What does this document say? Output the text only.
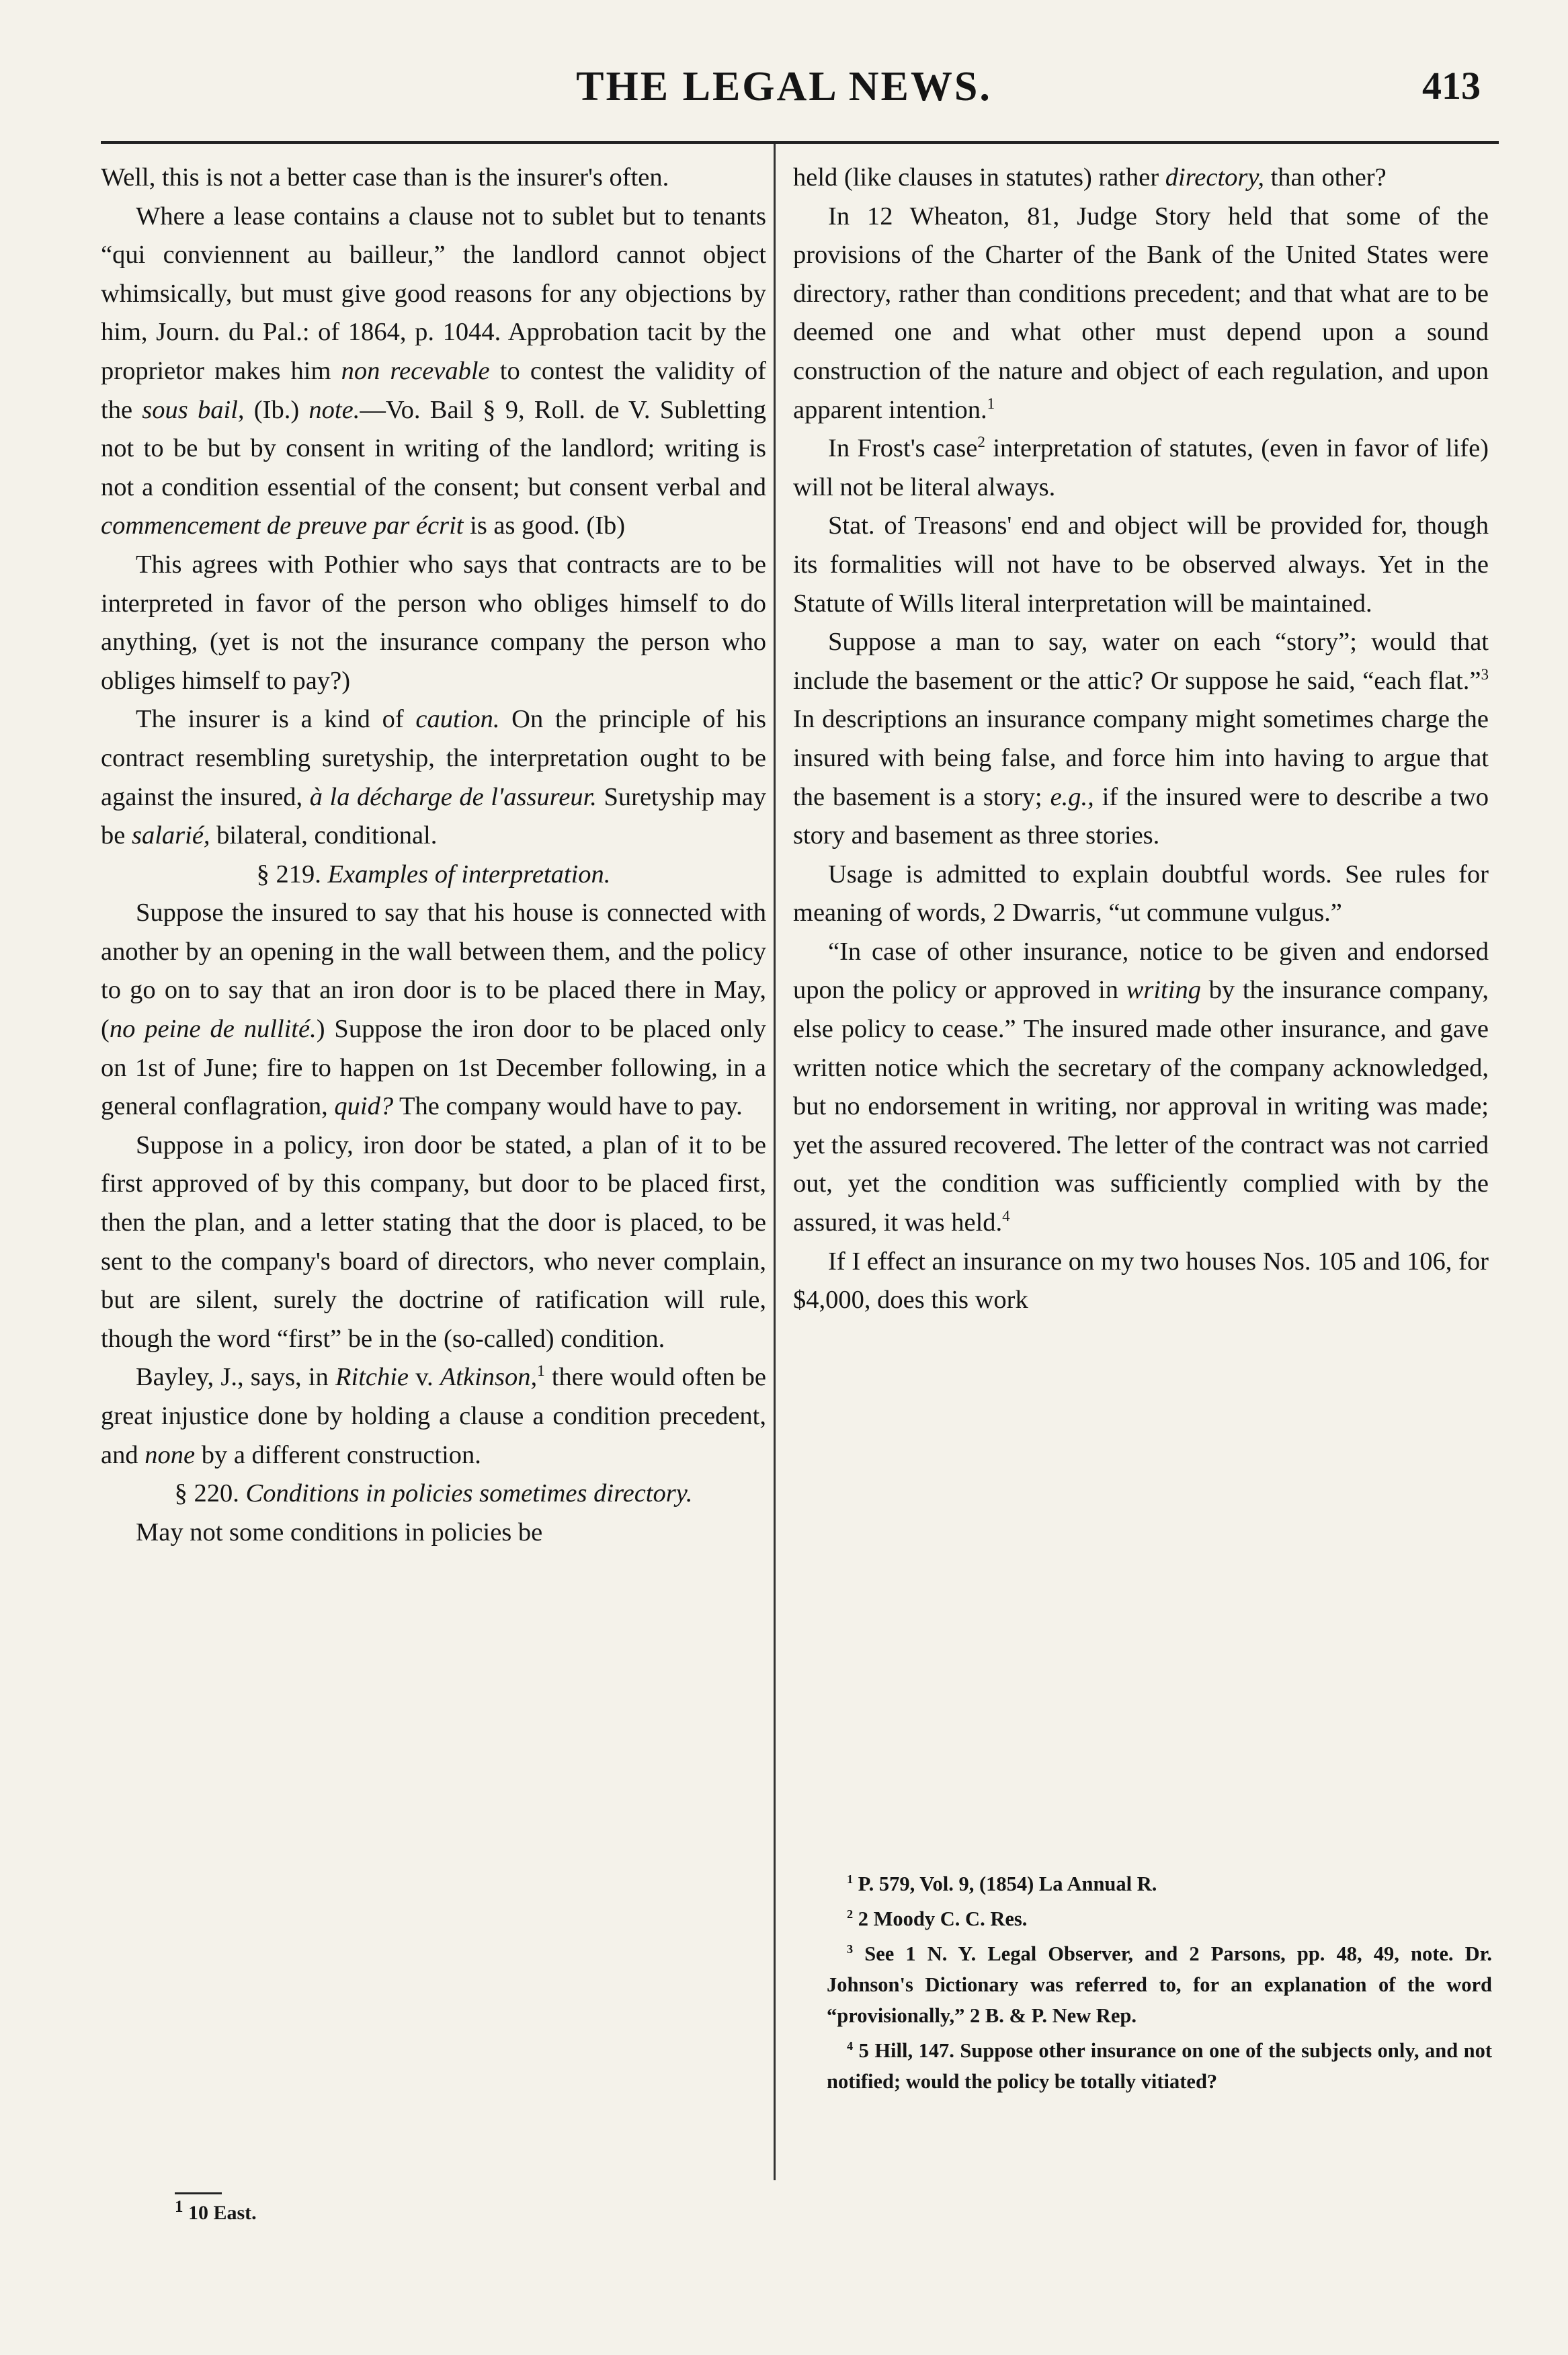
THE LEGAL NEWS.	413

Well, this is not a better case than is the insurer's often.

Where a lease contains a clause not to sublet but to tenants “qui conviennent au bailleur,” the landlord cannot object whimsically, but must give good reasons for any objections by him, Journ. du Pal.: of 1864, p. 1044. Approbation tacit by the proprietor makes him non recevable to contest the validity of the sous bail, (Ib.) note.—Vo. Bail § 9, Roll. de V. Subletting not to be but by consent in writing of the landlord; writing is not a condition essential of the consent; but consent verbal and commencement de preuve par écrit is as good. (Ib)

This agrees with Pothier who says that contracts are to be interpreted in favor of the person who obliges himself to do anything, (yet is not the insurance company the person who obliges himself to pay?)

The insurer is a kind of caution. On the principle of his contract resembling suretyship, the interpretation ought to be against the insured, à la décharge de l'assureur. Suretyship may be salarié, bilateral, conditional.

§ 219. Examples of interpretation.

Suppose the insured to say that his house is connected with another by an opening in the wall between them, and the policy to go on to say that an iron door is to be placed there in May, (no peine de nullité.) Suppose the iron door to be placed only on 1st of June; fire to happen on 1st December following, in a general conflagration, quid? The company would have to pay.

Suppose in a policy, iron door be stated, a plan of it to be first approved of by this company, but door to be placed first, then the plan, and a letter stating that the door is placed, to be sent to the company's board of directors, who never complain, but are silent, surely the doctrine of ratification will rule, though the word “first” be in the (so-called) condition.

Bayley, J., says, in Ritchie v. Atkinson,$^1$ there would often be great injustice done by holding a clause a condition precedent, and none by a different construction.

§ 220. Conditions in policies sometimes directory.

May not some conditions in policies be

$^1$ 10 East.

held (like clauses in statutes) rather directory, than other?

In 12 Wheaton, 81, Judge Story held that some of the provisions of the Charter of the Bank of the United States were directory, rather than conditions precedent; and that what are to be deemed one and what other must depend upon a sound construction of the nature and object of each regulation, and upon apparent intention.$^1$

In Frost's case$^2$ interpretation of statutes, (even in favor of life) will not be literal always.

Stat. of Treasons' end and object will be provided for, though its formalities will not have to be observed always. Yet in the Statute of Wills literal interpretation will be maintained.

Suppose a man to say, water on each “story”; would that include the basement or the attic? Or suppose he said, “each flat.”$^3$ In descriptions an insurance company might sometimes charge the insured with being false, and force him into having to argue that the basement is a story; e.g., if the insured were to describe a two story and basement as three stories.

Usage is admitted to explain doubtful words. See rules for meaning of words, 2 Dwarris, “ut commune vulgus.”

“In case of other insurance, notice to be given and endorsed upon the policy or approved in writing by the insurance company, else policy to cease.” The insured made other insurance, and gave written notice which the secretary of the company acknowledged, but no endorsement in writing, nor approval in writing was made; yet the assured recovered. The letter of the contract was not carried out, yet the condition was sufficiently complied with by the assured, it was held.$^4$

If I effect an insurance on my two houses Nos. 105 and 106, for $4,000, does this work

$^1$ P. 579, Vol. 9, (1854) La Annual R.

$^2$ 2 Moody C. C. Res.

$^3$ See 1 N. Y. Legal Observer, and 2 Parsons, pp. 48, 49, note. Dr. Johnson's Dictionary was referred to, for an explanation of the word “provisionally,” 2 B. & P. New Rep.

$^4$ 5 Hill, 147. Suppose other insurance on one of the subjects only, and not notified; would the policy be totally vitiated?
